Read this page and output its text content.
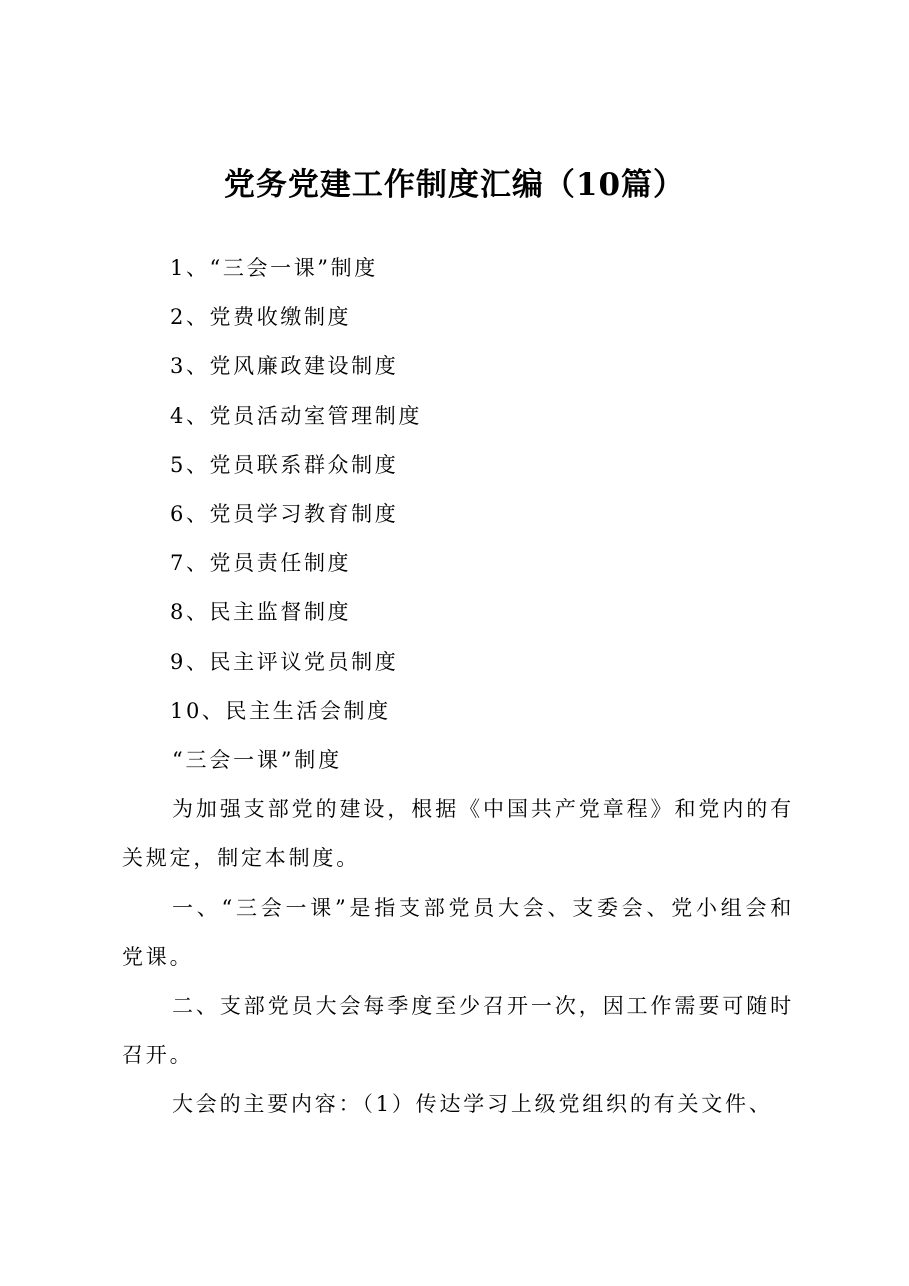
党务党建工作制度汇编（10篇）
1、“三会一课”制度
2、党费收缴制度
3、党风廉政建设制度
4、党员活动室管理制度
5、党员联系群众制度
6、党员学习教育制度
7、党员责任制度
8、民主监督制度
9、民主评议党员制度
10、民主生活会制度

“三会一课”制度

为加强支部党的建设，根据《中国共产党章程》和党内的有关规定，制定本制度。

一、“三会一课”是指支部党员大会、支委会、党小组会和党课。

二、支部党员大会每季度至少召开一次，因工作需要可随时召开。

大会的主要内容：（1）传达学习上级党组织的有关文件、
